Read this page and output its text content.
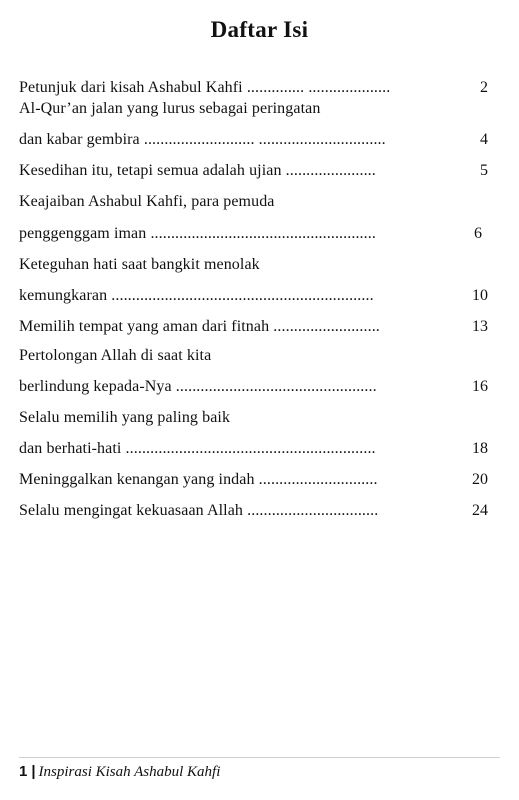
Daftar Isi
Petunjuk dari kisah Ashabul Kahfi .............. ....................	2
Al-Qur’an jalan yang lurus sebagai peringatan
dan kabar gembira ........................... ...............................	4
Kesedihan itu, tetapi semua adalah ujian ......................	5
Keajaiban Ashabul Kahfi, para pemuda
penggenggam iman .......................................................	6
Keteguhan hati saat bangkit menolak
kemungkaran ................................................................	10
Memilih tempat yang aman dari fitnah ..........................	13
Pertolongan Allah di saat kita
berlindung kepada-Nya .................................................	16
Selalu memilih yang paling baik
dan berhati-hati .............................................................	18
Meninggalkan kenangan yang indah .............................	20
Selalu mengingat kekuasaan Allah ................................	24
1 | Inspirasi Kisah Ashabul Kahfi
